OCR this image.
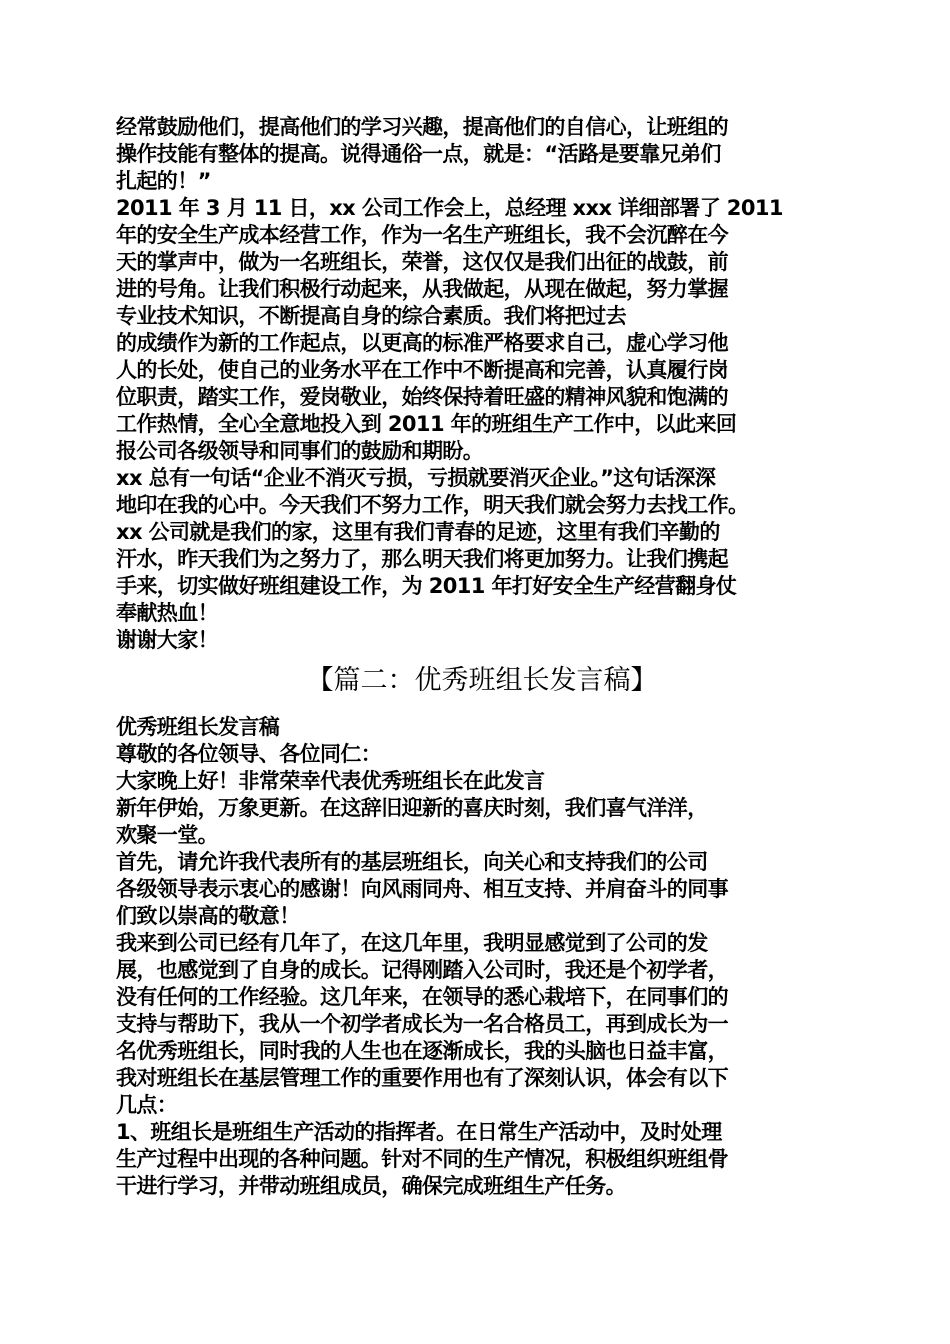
经常鼓励他们，提高他们的学习兴趣，提高他们的自信心，让班组的
操作技能有整体的提高。说得通俗一点，就是：“活路是要靠兄弟们
扎起的！”
2011 年 3 月 11 日，xx 公司工作会上，总经理 xxx 详细部署了 2011
年的安全生产成本经营工作，作为一名生产班组长，我不会沉醉在今
天的掌声中，做为一名班组长，荣誉，这仅仅是我们出征的战鼓，前
进的号角。让我们积极行动起来，从我做起，从现在做起，努力掌握
专业技术知识，不断提高自身的综合素质。我们将把过去
的成绩作为新的工作起点，以更高的标准严格要求自己，虚心学习他
人的长处，使自己的业务水平在工作中不断提高和完善，认真履行岗
位职责，踏实工作，爱岗敬业，始终保持着旺盛的精神风貌和饱满的
工作热情，全心全意地投入到 2011 年的班组生产工作中，以此来回
报公司各级领导和同事们的鼓励和期盼。
xx 总有一句话“企业不消灭亏损，亏损就要消灭企业。”这句话深深
地印在我的心中。今天我们不努力工作，明天我们就会努力去找工作。
xx 公司就是我们的家，这里有我们青春的足迹，这里有我们辛勤的
汗水，昨天我们为之努力了，那么明天我们将更加努力。让我们携起
手来，切实做好班组建设工作，为 2011 年打好安全生产经营翻身仗
奉献热血！
谢谢大家！
【篇二：优秀班组长发言稿】
优秀班组长发言稿
尊敬的各位领导、各位同仁：
大家晚上好！非常荣幸代表优秀班组长在此发言
新年伊始，万象更新。在这辞旧迎新的喜庆时刻，我们喜气洋洋，
欢聚一堂。
首先，请允许我代表所有的基层班组长，向关心和支持我们的公司
各级领导表示衷心的感谢！向风雨同舟、相互支持、并肩奋斗的同事
们致以崇高的敬意！
我来到公司已经有几年了，在这几年里，我明显感觉到了公司的发
展，也感觉到了自身的成长。记得刚踏入公司时，我还是个初学者，
没有任何的工作经验。这几年来，在领导的悉心栽培下，在同事们的
支持与帮助下，我从一个初学者成长为一名合格员工，再到成长为一
名优秀班组长，同时我的人生也在逐渐成长，我的头脑也日益丰富，
我对班组长在基层管理工作的重要作用也有了深刻认识，体会有以下
几点：
1、班组长是班组生产活动的指挥者。在日常生产活动中，及时处理
生产过程中出现的各种问题。针对不同的生产情况，积极组织班组骨
干进行学习，并带动班组成员，确保完成班组生产任务。
